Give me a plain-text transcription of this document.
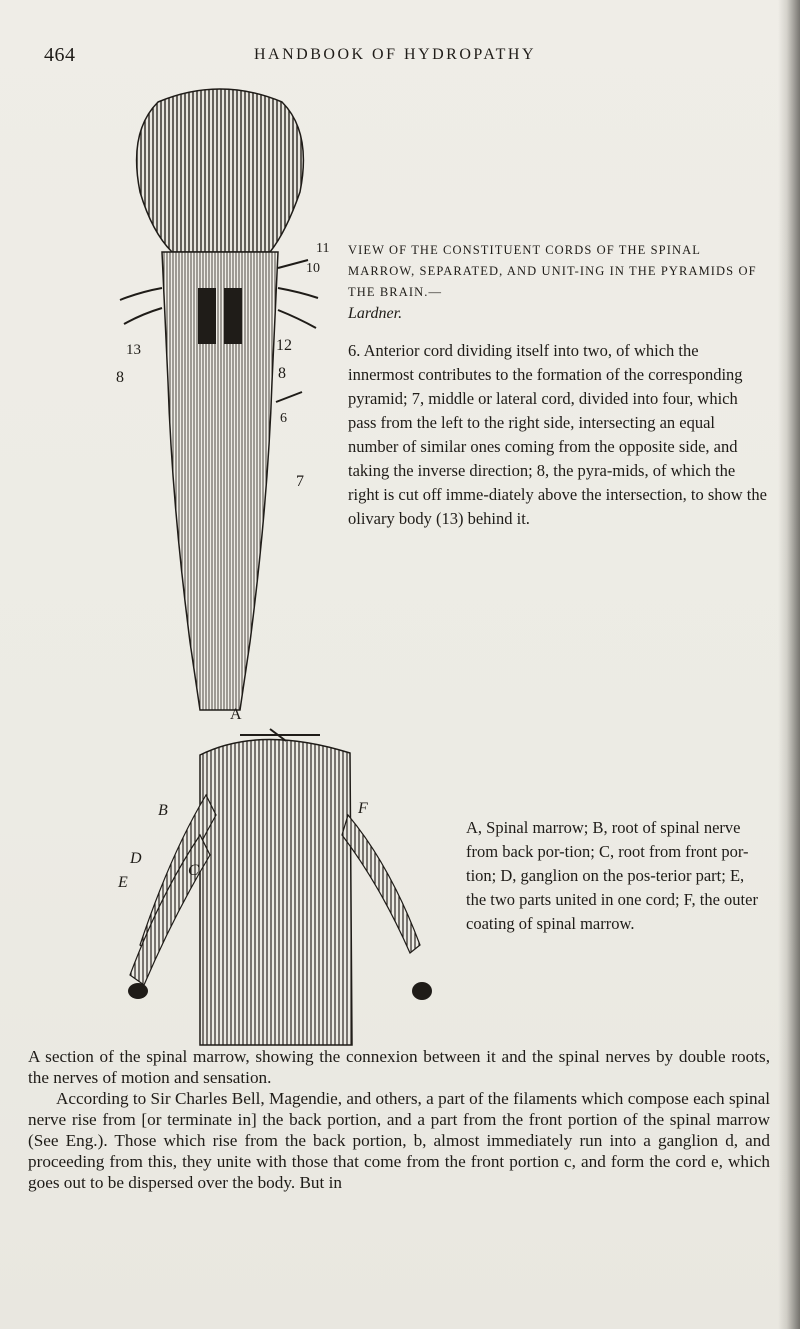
464	HANDBOOK OF HYDROPATHY
11
10
12
13
8
8
6
7
VIEW OF THE CONSTITUENT CORDS OF THE SPINAL MARROW, SEPARATED, AND UNIT-ING IN THE PYRAMIDS OF THE BRAIN.—
Lardner.
6. Anterior cord dividing itself into two, of which the innermost contributes to the formation of the corresponding pyramid; 7, middle or lateral cord, divided into four, which pass from the left to the right side, intersecting an equal number of similar ones coming from the opposite side, and taking the inverse direction; 8, the pyra-mids, of which the right is cut off imme-diately above the intersection, to show the olivary body (13) behind it.
A
B
C
D
E
F
A, Spinal marrow; B, root of spinal nerve from back por-tion; C, root from front por-tion; D, ganglion on the pos-terior part; E, the two parts united in one cord; F, the outer coating of spinal marrow.

A section of the spinal marrow, showing the connexion between it and the spinal nerves by double roots, the nerves of motion and sensation.

According to Sir Charles Bell, Magendie, and others, a part of the filaments which compose each spinal nerve rise from [or terminate in] the back portion, and a part from the front portion of the spinal marrow (See Eng.). Those which rise from the back portion, b, almost immediately run into a ganglion d, and proceeding from this, they unite with those that come from the front portion c, and form the cord e, which goes out to be dispersed over the body. But in
